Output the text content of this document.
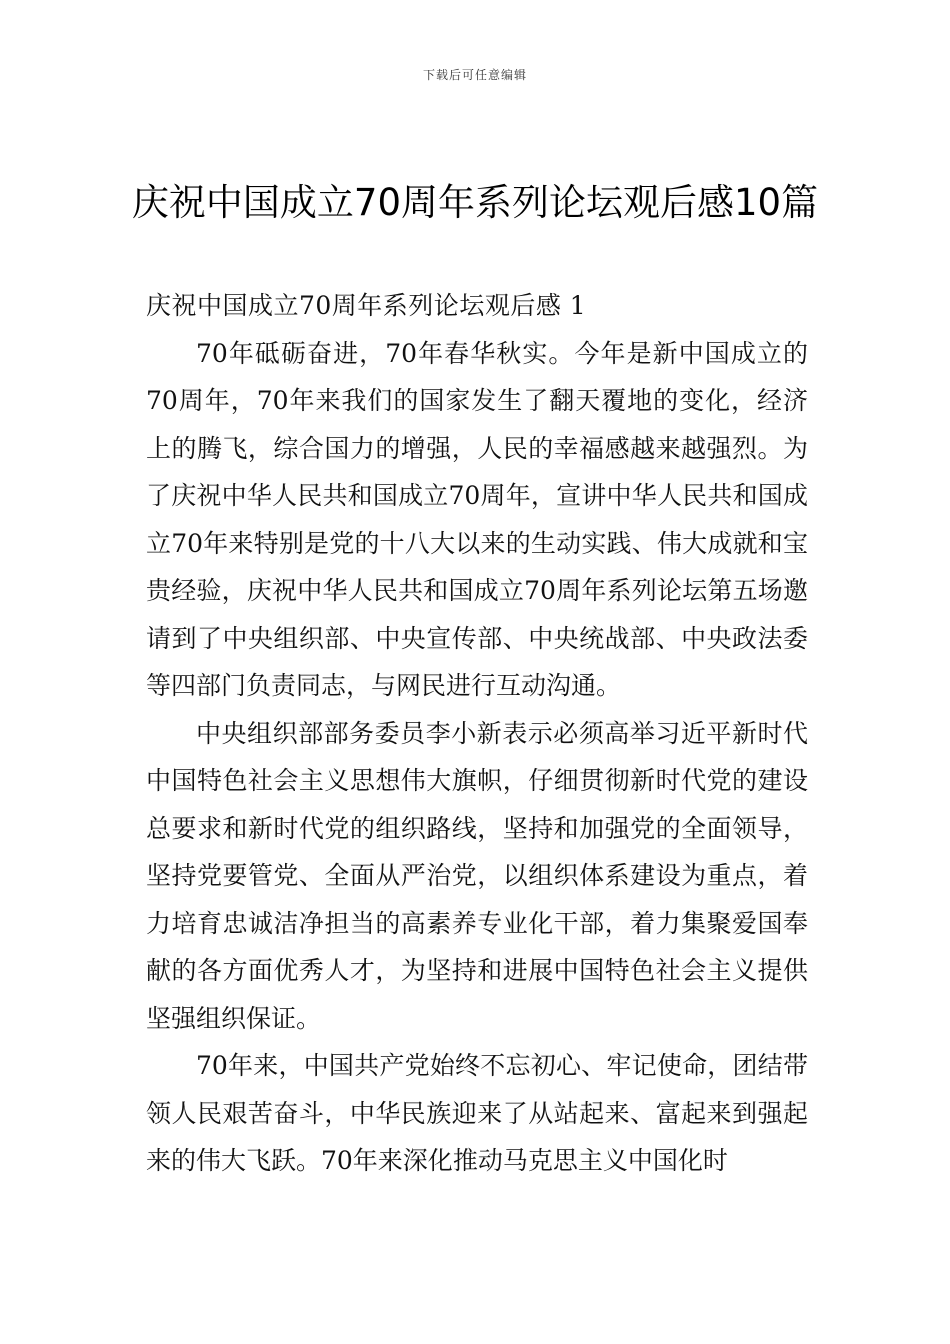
下载后可任意编辑
庆祝中国成立70周年系列论坛观后感10篇
庆祝中国成立70周年系列论坛观后感 1

70年砥砺奋进，70年春华秋实。今年是新中国成立的70周年，70年来我们的国家发生了翻天覆地的变化，经济上的腾飞，综合国力的增强，人民的幸福感越来越强烈。为了庆祝中华人民共和国成立70周年，宣讲中华人民共和国成立70年来特别是党的十八大以来的生动实践、伟大成就和宝贵经验，庆祝中华人民共和国成立70周年系列论坛第五场邀请到了中央组织部、中央宣传部、中央统战部、中央政法委等四部门负责同志，与网民进行互动沟通。

中央组织部部务委员李小新表示必须高举习近平新时代中国特色社会主义思想伟大旗帜，仔细贯彻新时代党的建设总要求和新时代党的组织路线，坚持和加强党的全面领导，坚持党要管党、全面从严治党，以组织体系建设为重点，着力培育忠诚洁净担当的高素养专业化干部，着力集聚爱国奉献的各方面优秀人才，为坚持和进展中国特色社会主义提供坚强组织保证。

70年来，中国共产党始终不忘初心、牢记使命，团结带领人民艰苦奋斗，中华民族迎来了从站起来、富起来到强起来的伟大飞跃。70年来深化推动马克思主义中国化时
